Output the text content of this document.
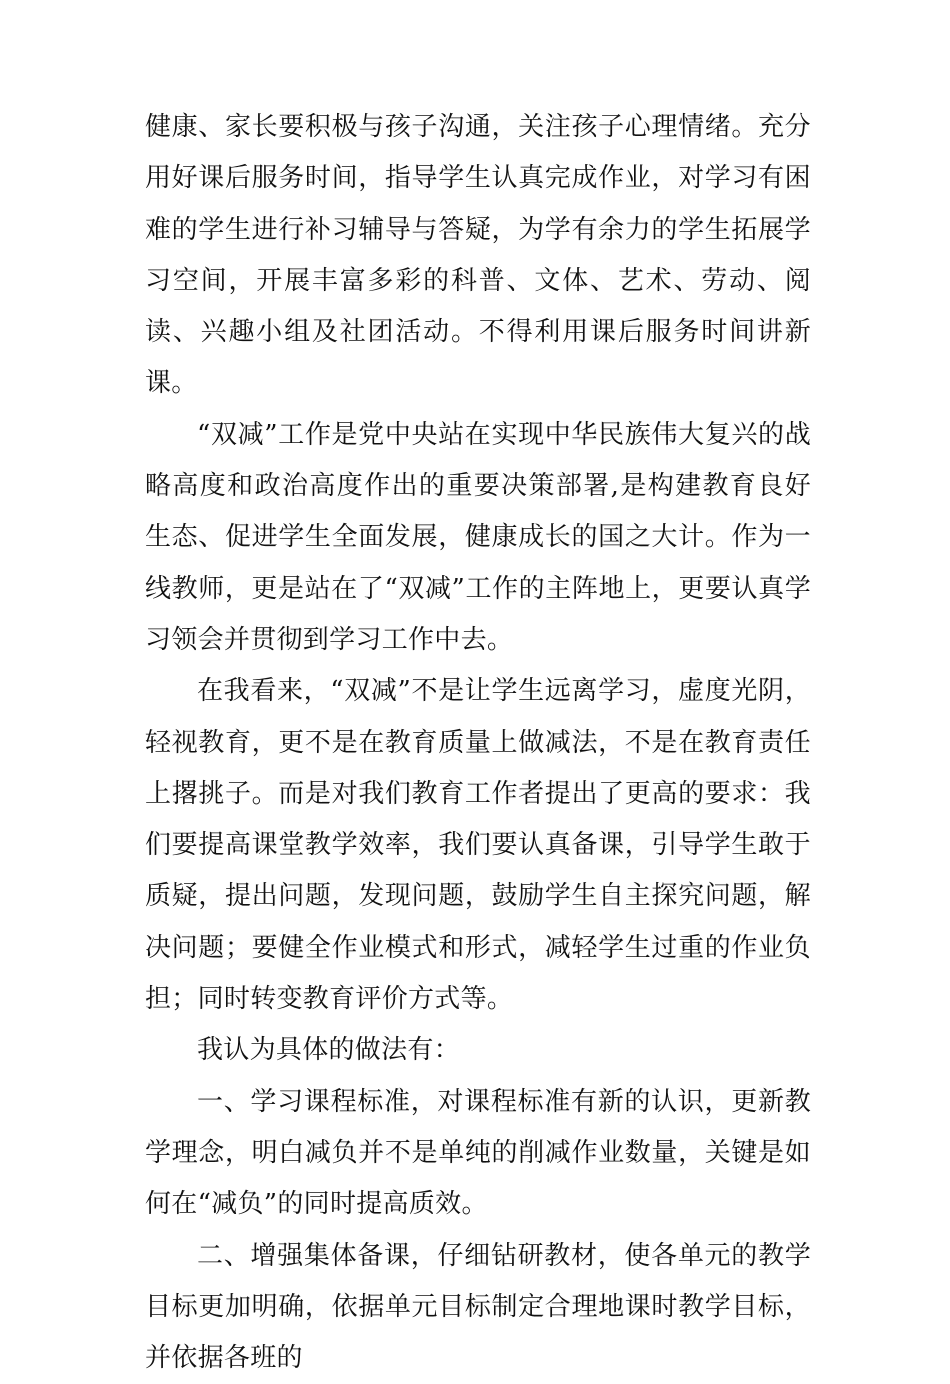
健康、家长要积极与孩子沟通，关注孩子心理情绪。充分用好课后服务时间，指导学生认真完成作业，对学习有困难的学生进行补习辅导与答疑，为学有余力的学生拓展学习空间，开展丰富多彩的科普、文体、艺术、劳动、阅读、兴趣小组及社团活动。不得利用课后服务时间讲新课。

“双减”工作是党中央站在实现中华民族伟大复兴的战略高度和政治高度作出的重要决策部署,是构建教育良好生态、促进学生全面发展，健康成长的国之大计。作为一线教师，更是站在了“双减”工作的主阵地上，更要认真学习领会并贯彻到学习工作中去。

在我看来，“双减”不是让学生远离学习，虚度光阴，轻视教育，更不是在教育质量上做减法，不是在教育责任上撂挑子。而是对我们教育工作者提出了更高的要求：我们要提高课堂教学效率，我们要认真备课，引导学生敢于质疑，提出问题，发现问题，鼓励学生自主探究问题，解决问题；要健全作业模式和形式，减轻学生过重的作业负担；同时转变教育评价方式等。

我认为具体的做法有：

一、学习课程标准，对课程标准有新的认识，更新教学理念，明白减负并不是单纯的削减作业数量，关键是如何在“减负”的同时提高质效。

二、增强集体备课，仔细钻研教材，使各单元的教学目标更加明确，依据单元目标制定合理地课时教学目标，并依据各班的
